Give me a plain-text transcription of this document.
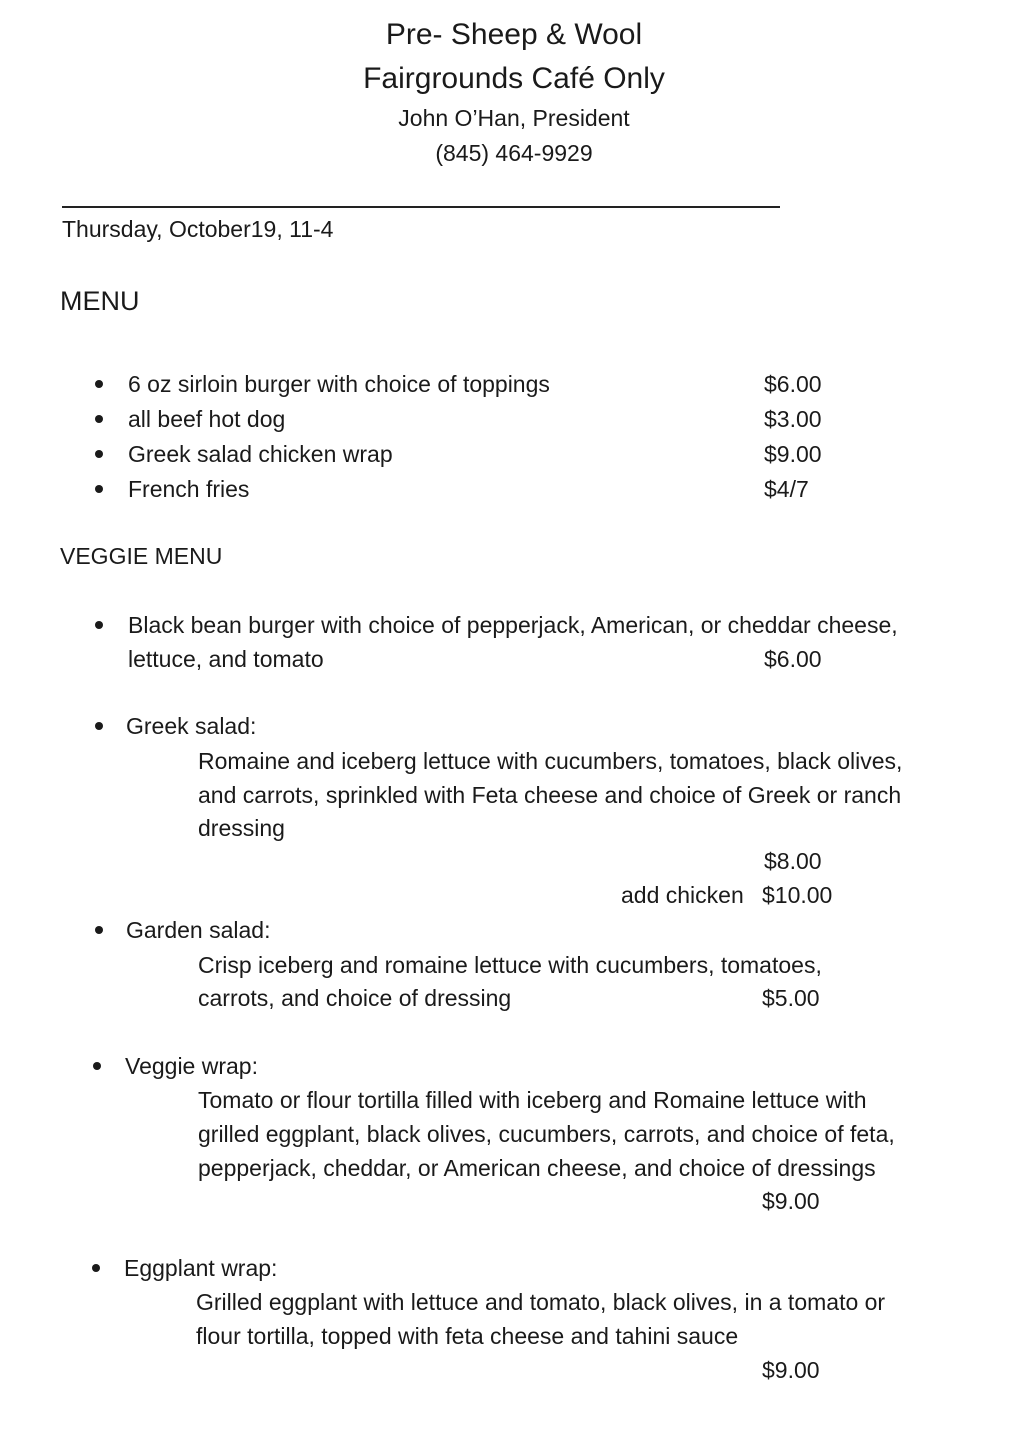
Pre- Sheep & Wool
Fairgrounds Café Only
John O’Han, President
(845) 464-9929
Thursday, October19, 11-4
MENU
6 oz sirloin burger with choice of toppings	$6.00
all beef hot dog	$3.00
Greek salad chicken wrap	$9.00
French fries	$4/7
VEGGIE MENU
Black bean burger with choice of pepperjack, American, or cheddar cheese,
lettuce, and tomato	$6.00
Greek salad:
Romaine and iceberg lettuce with cucumbers, tomatoes, black olives,
and carrots, sprinkled with Feta cheese and choice of Greek or ranch
dressing
$8.00
add chicken $10.00
Garden salad:
Crisp iceberg and romaine lettuce with cucumbers, tomatoes,
carrots, and choice of dressing	$5.00
Veggie wrap:
Tomato or flour tortilla filled with iceberg and Romaine lettuce with
grilled eggplant, black olives, cucumbers, carrots, and choice of feta,
pepperjack, cheddar, or American cheese, and choice of dressings
$9.00
Eggplant wrap:
Grilled eggplant with lettuce and tomato, black olives, in a tomato or
flour tortilla, topped with feta cheese and tahini sauce
$9.00
